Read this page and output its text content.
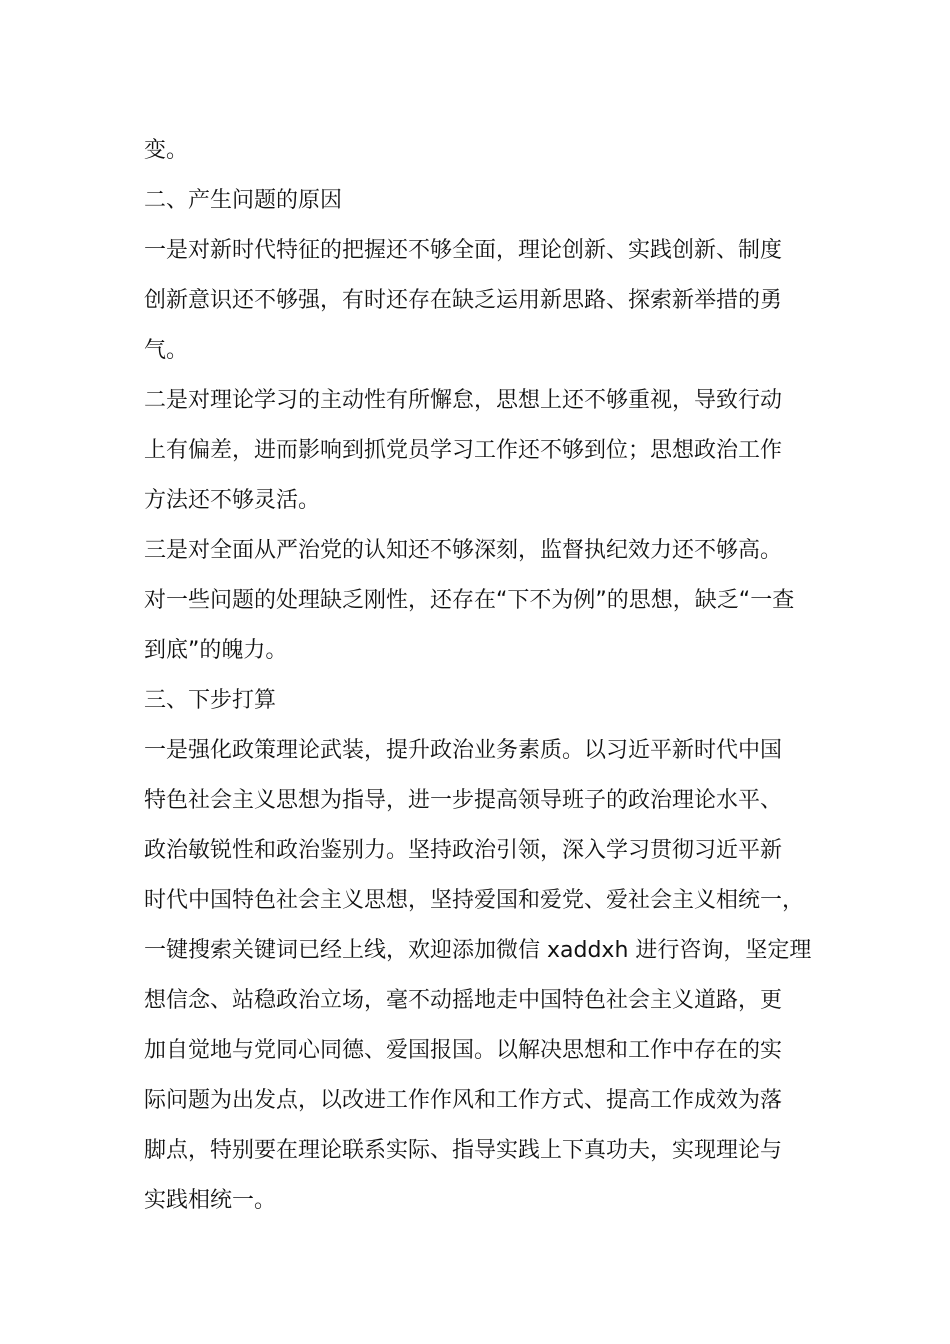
变。
二、产生问题的原因
一是对新时代特征的把握还不够全面，理论创新、实践创新、制度
创新意识还不够强，有时还存在缺乏运用新思路、探索新举措的勇
气。
二是对理论学习的主动性有所懈怠，思想上还不够重视，导致行动
上有偏差，进而影响到抓党员学习工作还不够到位；思想政治工作
方法还不够灵活。
三是对全面从严治党的认知还不够深刻，监督执纪效力还不够高。
对一些问题的处理缺乏刚性，还存在“下不为例”的思想，缺乏“一查
到底”的魄力。
三、下步打算
一是强化政策理论武装，提升政治业务素质。以习近平新时代中国
特色社会主义思想为指导，进一步提高领导班子的政治理论水平、
政治敏锐性和政治鉴别力。坚持政治引领，深入学习贯彻习近平新
时代中国特色社会主义思想，坚持爱国和爱党、爱社会主义相统一，
一键搜索关键词已经上线，欢迎添加微信 xaddxh 进行咨询，坚定理
想信念、站稳政治立场，毫不动摇地走中国特色社会主义道路，更
加自觉地与党同心同德、爱国报国。以解决思想和工作中存在的实
际问题为出发点，以改进工作作风和工作方式、提高工作成效为落
脚点，特别要在理论联系实际、指导实践上下真功夫，实现理论与
实践相统一。
